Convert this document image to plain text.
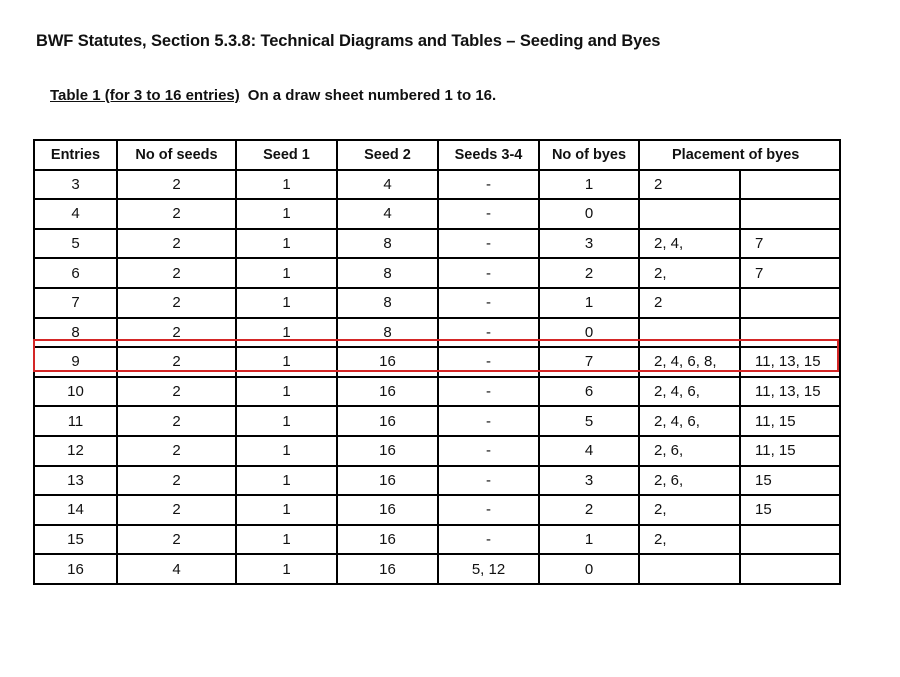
BWF Statutes, Section 5.3.8: Technical Diagrams and Tables – Seeding and Byes
Table 1 (for 3 to 16 entries) On a draw sheet numbered 1 to 16.
Entries	No of seeds	Seed 1	Seed 2	Seeds 3-4	No of byes	Placement of byes	
3	2	1	4	-	1	2	
4	2	1	4	-	0		
5	2	1	8	-	3	2, 4,	7
6	2	1	8	-	2	2,	7
7	2	1	8	-	1	2	
8	2	1	8	-	0		
9	2	1	16	-	7	2, 4, 6, 8,	11, 13, 15
10	2	1	16	-	6	2, 4, 6,	11, 13, 15
11	2	1	16	-	5	2, 4, 6,	11, 15
12	2	1	16	-	4	2, 6,	11, 15
13	2	1	16	-	3	2, 6,	15
14	2	1	16	-	2	2,	15
15	2	1	16	-	1	2,	
16	4	1	16	5, 12	0		
